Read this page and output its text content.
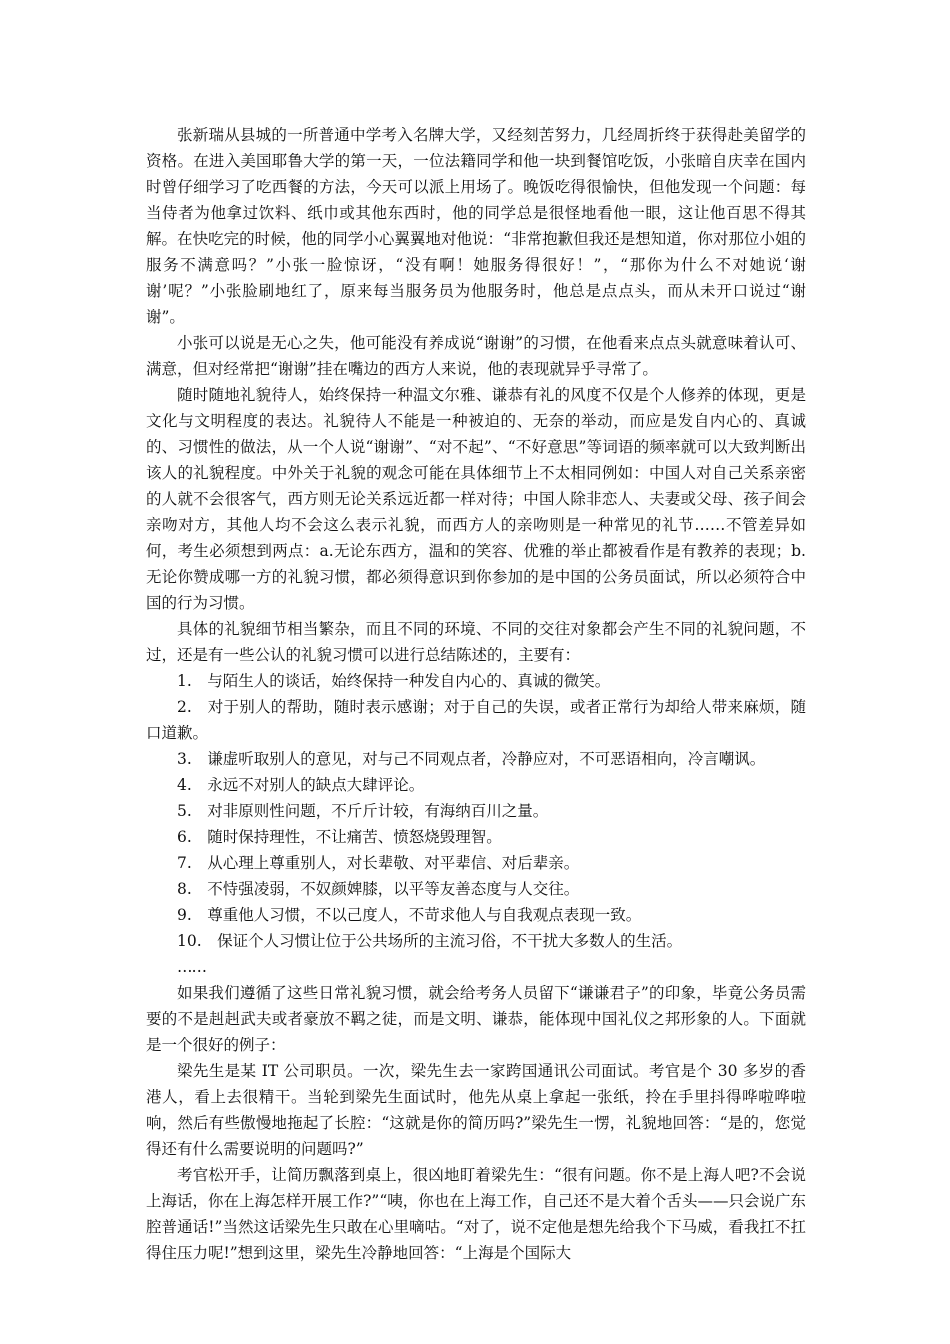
张新瑞从县城的一所普通中学考入名牌大学，又经刻苦努力，几经周折终于获得赴美留学的资格。在进入美国耶鲁大学的第一天，一位法籍同学和他一块到餐馆吃饭，小张暗自庆幸在国内时曾仔细学习了吃西餐的方法，今天可以派上用场了。晚饭吃得很愉快，但他发现一个问题：每当侍者为他拿过饮料、纸巾或其他东西时，他的同学总是很怪地看他一眼，这让他百思不得其解。在快吃完的时候，他的同学小心翼翼地对他说：“非常抱歉但我还是想知道，你对那位小姐的服务不满意吗？”小张一脸惊讶，“没有啊！她服务得很好！”，“那你为什么不对她说‘谢谢’呢？”小张脸刷地红了，原来每当服务员为他服务时，他总是点点头，而从未开口说过“谢谢”。

小张可以说是无心之失，他可能没有养成说“谢谢”的习惯，在他看来点点头就意味着认可、满意，但对经常把“谢谢”挂在嘴边的西方人来说，他的表现就异乎寻常了。

随时随地礼貌待人，始终保持一种温文尔雅、谦恭有礼的风度不仅是个人修养的体现，更是文化与文明程度的表达。礼貌待人不能是一种被迫的、无奈的举动，而应是发自内心的、真诚的、习惯性的做法，从一个人说“谢谢”、“对不起”、“不好意思”等词语的频率就可以大致判断出该人的礼貌程度。中外关于礼貌的观念可能在具体细节上不太相同例如：中国人对自己关系亲密的人就不会很客气，西方则无论关系远近都一样对待；中国人除非恋人、夫妻或父母、孩子间会亲吻对方，其他人均不会这么表示礼貌，而西方人的亲吻则是一种常见的礼节……不管差异如何，考生必须想到两点：a.无论东西方，温和的笑容、优雅的举止都被看作是有教养的表现；b.无论你赞成哪一方的礼貌习惯，都必须得意识到你参加的是中国的公务员面试，所以必须符合中国的行为习惯。

具体的礼貌细节相当繁杂，而且不同的环境、不同的交往对象都会产生不同的礼貌问题，不过，还是有一些公认的礼貌习惯可以进行总结陈述的，主要有：

1.　与陌生人的谈话，始终保持一种发自内心的、真诚的微笑。
2.　对于别人的帮助，随时表示感谢；对于自己的失误，或者正常行为却给人带来麻烦，随口道歉。
3.　谦虚听取别人的意见，对与己不同观点者，冷静应对，不可恶语相向，冷言嘲讽。
4.　永远不对别人的缺点大肆评论。
5.　对非原则性问题，不斤斤计较，有海纳百川之量。
6.　随时保持理性，不让痛苦、愤怒烧毁理智。
7.　从心理上尊重别人，对长辈敬、对平辈信、对后辈亲。
8.　不恃强凌弱，不奴颜婢膝，以平等友善态度与人交往。
9.　尊重他人习惯，不以己度人，不苛求他人与自我观点表现一致。
10.　保证个人习惯让位于公共场所的主流习俗，不干扰大多数人的生活。
……

如果我们遵循了这些日常礼貌习惯，就会给考务人员留下“谦谦君子”的印象，毕竟公务员需要的不是赳赳武夫或者豪放不羁之徒，而是文明、谦恭，能体现中国礼仪之邦形象的人。下面就是一个很好的例子：

梁先生是某 IT 公司职员。一次，梁先生去一家跨国通讯公司面试。考官是个 30 多岁的香港人，看上去很精干。当轮到梁先生面试时，他先从桌上拿起一张纸，拎在手里抖得哗啦哗啦响，然后有些傲慢地拖起了长腔：“这就是你的简历吗?”梁先生一愣，礼貌地回答：“是的，您觉得还有什么需要说明的问题吗?”

考官松开手，让简历飘落到桌上，很凶地盯着梁先生：“很有问题。你不是上海人吧?不会说上海话，你在上海怎样开展工作?”“咦，你也在上海工作，自己还不是大着个舌头——只会说广东腔普通话!”当然这话梁先生只敢在心里嘀咕。“对了，说不定他是想先给我个下马威，看我扛不扛得住压力呢!”想到这里，梁先生冷静地回答：“上海是个国际大
